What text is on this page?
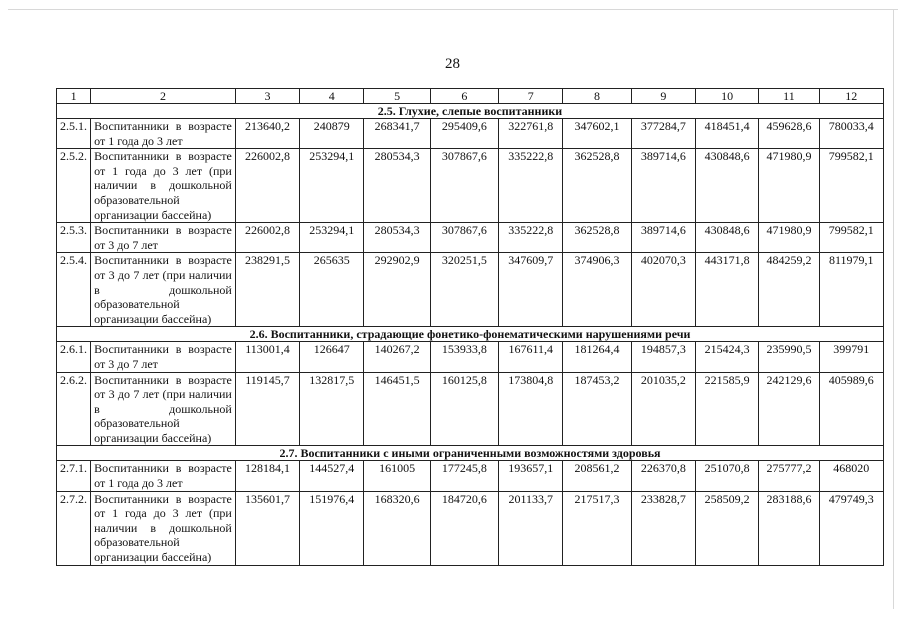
28
1	2	3	4	5	6	7	8	9	10	11	12
2.5. Глухие, слепые воспитанники											
2.5.1.	Воспитанники в возрасте от 1 года до 3 лет	213640,2	240879	268341,7	295409,6	322761,8	347602,1	377284,7	418451,4	459628,6	780033,4
2.5.2.	Воспитанники в возрасте от 1 года до 3 лет (при наличии в дошкольной образовательной организации бассейна)	226002,8	253294,1	280534,3	307867,6	335222,8	362528,8	389714,6	430848,6	471980,9	799582,1
2.5.3.	Воспитанники в возрасте от 3 до 7 лет	226002,8	253294,1	280534,3	307867,6	335222,8	362528,8	389714,6	430848,6	471980,9	799582,1
2.5.4.	Воспитанники в возрасте от 3 до 7 лет (при наличии в дошкольной образовательной организации бассейна)	238291,5	265635	292902,9	320251,5	347609,7	374906,3	402070,3	443171,8	484259,2	811979,1
2.6. Воспитанники, страдающие фонетико-фонематическими нарушениями речи											
2.6.1.	Воспитанники в возрасте от 3 до 7 лет	113001,4	126647	140267,2	153933,8	167611,4	181264,4	194857,3	215424,3	235990,5	399791
2.6.2.	Воспитанники в возрасте от 3 до 7 лет (при наличии в дошкольной образовательной организации бассейна)	119145,7	132817,5	146451,5	160125,8	173804,8	187453,2	201035,2	221585,9	242129,6	405989,6
2.7. Воспитанники с иными ограниченными возможностями здоровья											
2.7.1.	Воспитанники в возрасте от 1 года до 3 лет	128184,1	144527,4	161005	177245,8	193657,1	208561,2	226370,8	251070,8	275777,2	468020
2.7.2.	Воспитанники в возрасте от 1 года до 3 лет (при наличии в дошкольной образовательной организации бассейна)	135601,7	151976,4	168320,6	184720,6	201133,7	217517,3	233828,7	258509,2	283188,6	479749,3
